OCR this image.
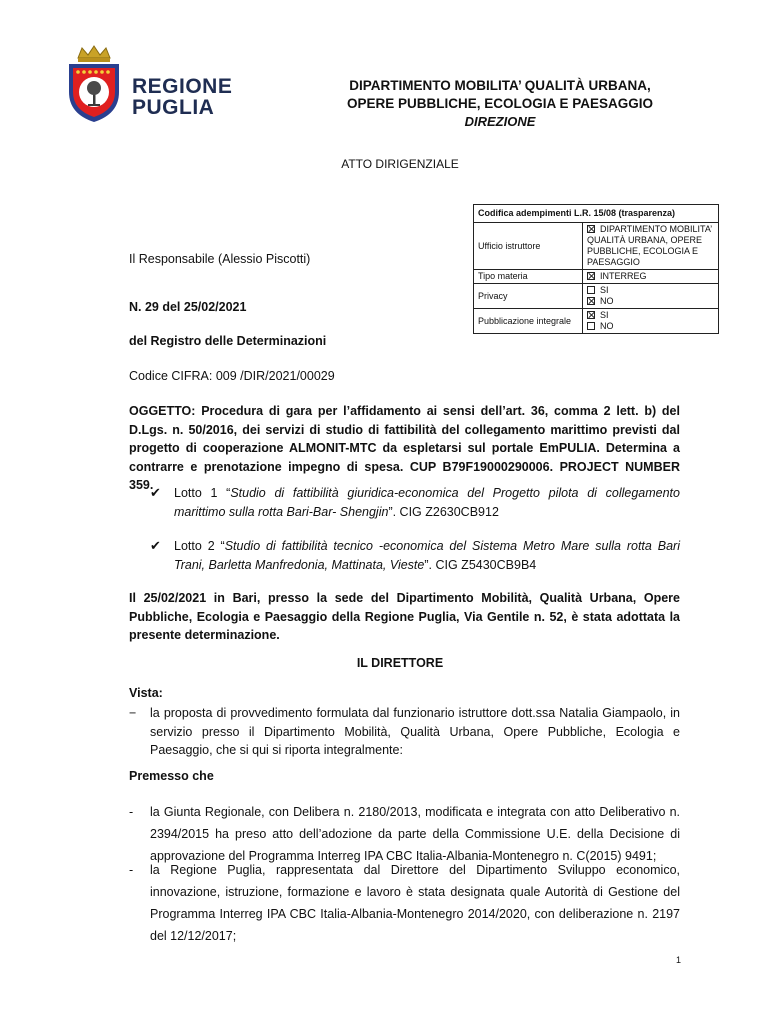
REGIONE
PUGLIA
DIPARTIMENTO MOBILITA’ QUALITÀ URBANA,
OPERE PUBBLICHE, ECOLOGIA E PAESAGGIO
DIREZIONE
ATTO DIRIGENZIALE
Codifica adempimenti L.R. 15/08 (trasparenza)	
Ufficio istruttore	DIPARTIMENTO MOBILITA’ QUALITÀ URBANA, OPERE PUBBLICHE, ECOLOGIA E PAESAGGIO
Tipo materia	INTERREG
Privacy	SI
NO

Pubblicazione integrale	SI
NO
Il Responsabile (Alessio Piscotti)
N. 29 del 25/02/2021
del Registro delle Determinazioni
Codice CIFRA: 009 /DIR/2021/00029
OGGETTO: Procedura di gara per l’affidamento ai sensi dell’art. 36, comma 2 lett. b) del D.Lgs. n. 50/2016, dei servizi di studio di fattibilità del collegamento marittimo previsti dal progetto di cooperazione ALMONIT-MTC da espletarsi sul portale EmPULIA. Determina a contrarre e prenotazione impegno di spesa. CUP B79F19000290006. PROJECT NUMBER 359.
✔ Lotto 1 “Studio di fattibilità giuridica-economica del Progetto pilota di collegamento marittimo sulla rotta Bari-Bar- Shengjin”. CIG Z2630CB912
✔ Lotto 2 “Studio di fattibilità tecnico -economica del Sistema Metro Mare sulla rotta Bari Trani, Barletta Manfredonia, Mattinata, Vieste”. CIG Z5430CB9B4
Il 25/02/2021 in Bari, presso la sede del Dipartimento Mobilità, Qualità Urbana, Opere Pubbliche, Ecologia e Paesaggio della Regione Puglia, Via Gentile n. 52, è stata adottata la presente determinazione.
IL DIRETTORE
Vista:
− la proposta di provvedimento formulata dal funzionario istruttore dott.ssa Natalia Giampaolo, in servizio presso il Dipartimento Mobilità, Qualità Urbana, Opere Pubbliche, Ecologia e Paesaggio, che si qui si riporta integralmente:
Premesso che
- la Giunta Regionale, con Delibera n. 2180/2013, modificata e integrata con atto Deliberativo n. 2394/2015 ha preso atto dell’adozione da parte della Commissione U.E. della Decisione di approvazione del Programma Interreg IPA CBC Italia-Albania-Montenegro n. C(2015) 9491;
- la Regione Puglia, rappresentata dal Direttore del Dipartimento Sviluppo economico, innovazione, istruzione, formazione e lavoro è stata designata quale Autorità di Gestione del Programma Interreg IPA CBC Italia-Albania-Montenegro 2014/2020, con deliberazione n. 2197 del 12/12/2017;
1
